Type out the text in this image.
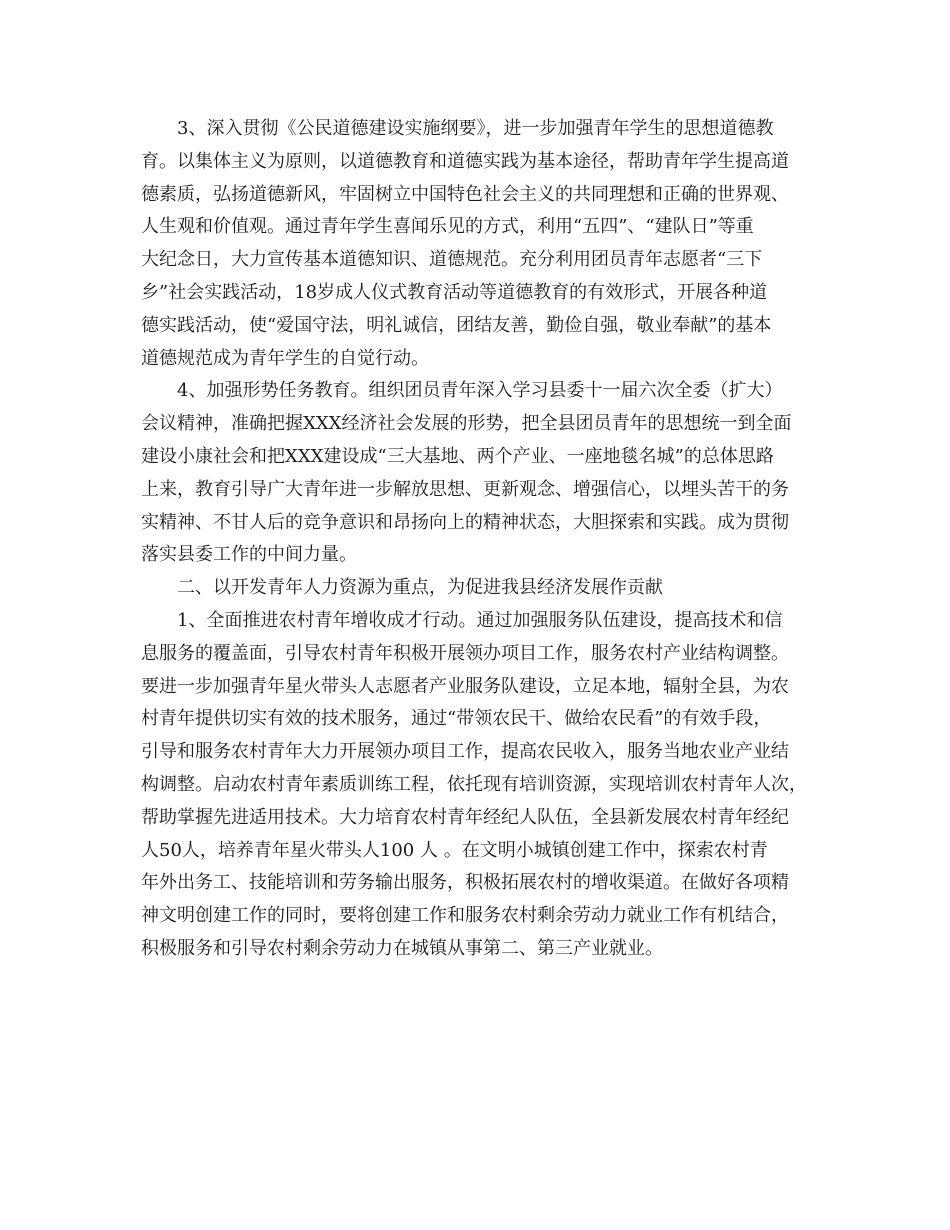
3、深入贯彻《公民道德建设实施纲要》，进一步加强青年学生的思想道德教
育。以集体主义为原则，以道德教育和道德实践为基本途径，帮助青年学生提高道
德素质，弘扬道德新风，牢固树立中国特色社会主义的共同理想和正确的世界观、
人生观和价值观。通过青年学生喜闻乐见的方式，利用“五四”、“建队日”等重
大纪念日，大力宣传基本道德知识、道德规范。充分利用团员青年志愿者“三下
乡”社会实践活动，18岁成人仪式教育活动等道德教育的有效形式，开展各种道
德实践活动，使“爱国守法，明礼诚信，团结友善，勤俭自强，敬业奉献”的基本
道德规范成为青年学生的自觉行动。
4、加强形势任务教育。组织团员青年深入学习县委十一届六次全委（扩大）
会议精神，准确把握XXX经济社会发展的形势，把全县团员青年的思想统一到全面
建设小康社会和把XXX建设成“三大基地、两个产业、一座地毯名城”的总体思路
上来，教育引导广大青年进一步解放思想、更新观念、增强信心，以埋头苦干的务
实精神、不甘人后的竞争意识和昂扬向上的精神状态，大胆探索和实践。成为贯彻
落实县委工作的中间力量。
二、以开发青年人力资源为重点，为促进我县经济发展作贡献
1、全面推进农村青年增收成才行动。通过加强服务队伍建设，提高技术和信
息服务的覆盖面，引导农村青年积极开展领办项目工作，服务农村产业结构调整。
要进一步加强青年星火带头人志愿者产业服务队建设，立足本地，辐射全县，为农
村青年提供切实有效的技术服务，通过“带领农民干、做给农民看”的有效手段，
引导和服务农村青年大力开展领办项目工作，提高农民收入，服务当地农业产业结
构调整。启动农村青年素质训练工程，依托现有培训资源，实现培训农村青年人次，
帮助掌握先进适用技术。大力培育农村青年经纪人队伍，全县新发展农村青年经纪
人50人，培养青年星火带头人100 人 。在文明小城镇创建工作中，探索农村青
年外出务工、技能培训和劳务输出服务，积极拓展农村的增收渠道。在做好各项精
神文明创建工作的同时，要将创建工作和服务农村剩余劳动力就业工作有机结合，
积极服务和引导农村剩余劳动力在城镇从事第二、第三产业就业。
